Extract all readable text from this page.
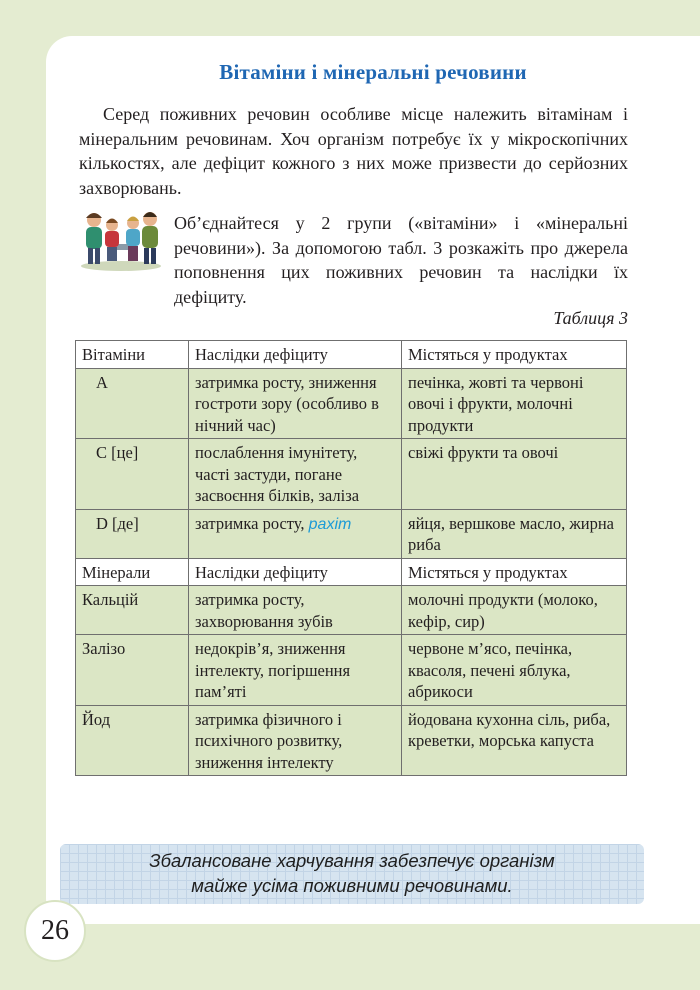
Вітаміни і мінеральні речовини

Серед поживних речовин особливе місце належить вітамінам і мінеральним речовинам. Хоч організм потребує їх у мікроскопічних кількостях, але дефіцит кожного з них може призвести до серйозних захворювань.

Об’єднайтеся у 2 групи («вітаміни» і «мінеральні речовини»). За допомогою табл. 3 розкажіть про джерела поповнення цих поживних речовин та наслідки їх дефіциту.

Таблиця 3
Вітаміни	Наслідки дефіциту	Містяться у продуктах
А	затримка росту, зниження гостроти зору (особливо в нічний час)	печінка, жовті та червоні овочі і фрукти, молочні продукти
С [це]	послаблення імунітету, часті застуди, погане засвоєння білків, заліза	свіжі фрукти та овочі
D [де]	затримка росту, рахіт	яйця, вершкове масло, жирна риба
Мінерали	Наслідки дефіциту	Містяться у продуктах
Кальцій	затримка росту, захворювання зубів	молочні продукти (молоко, кефір, сир)
Залізо	недокрів’я, зниження інтелекту, погіршення пам’яті	червоне м’ясо, печінка, квасоля, печені яблука, абрикоси
Йод	затримка фізичного і психічного розвитку, зниження інтелекту	йодована кухонна сіль, риба, креветки, морська капуста
Збалансоване харчування забезпечує організм
майже усіма поживними речовинами.
26
